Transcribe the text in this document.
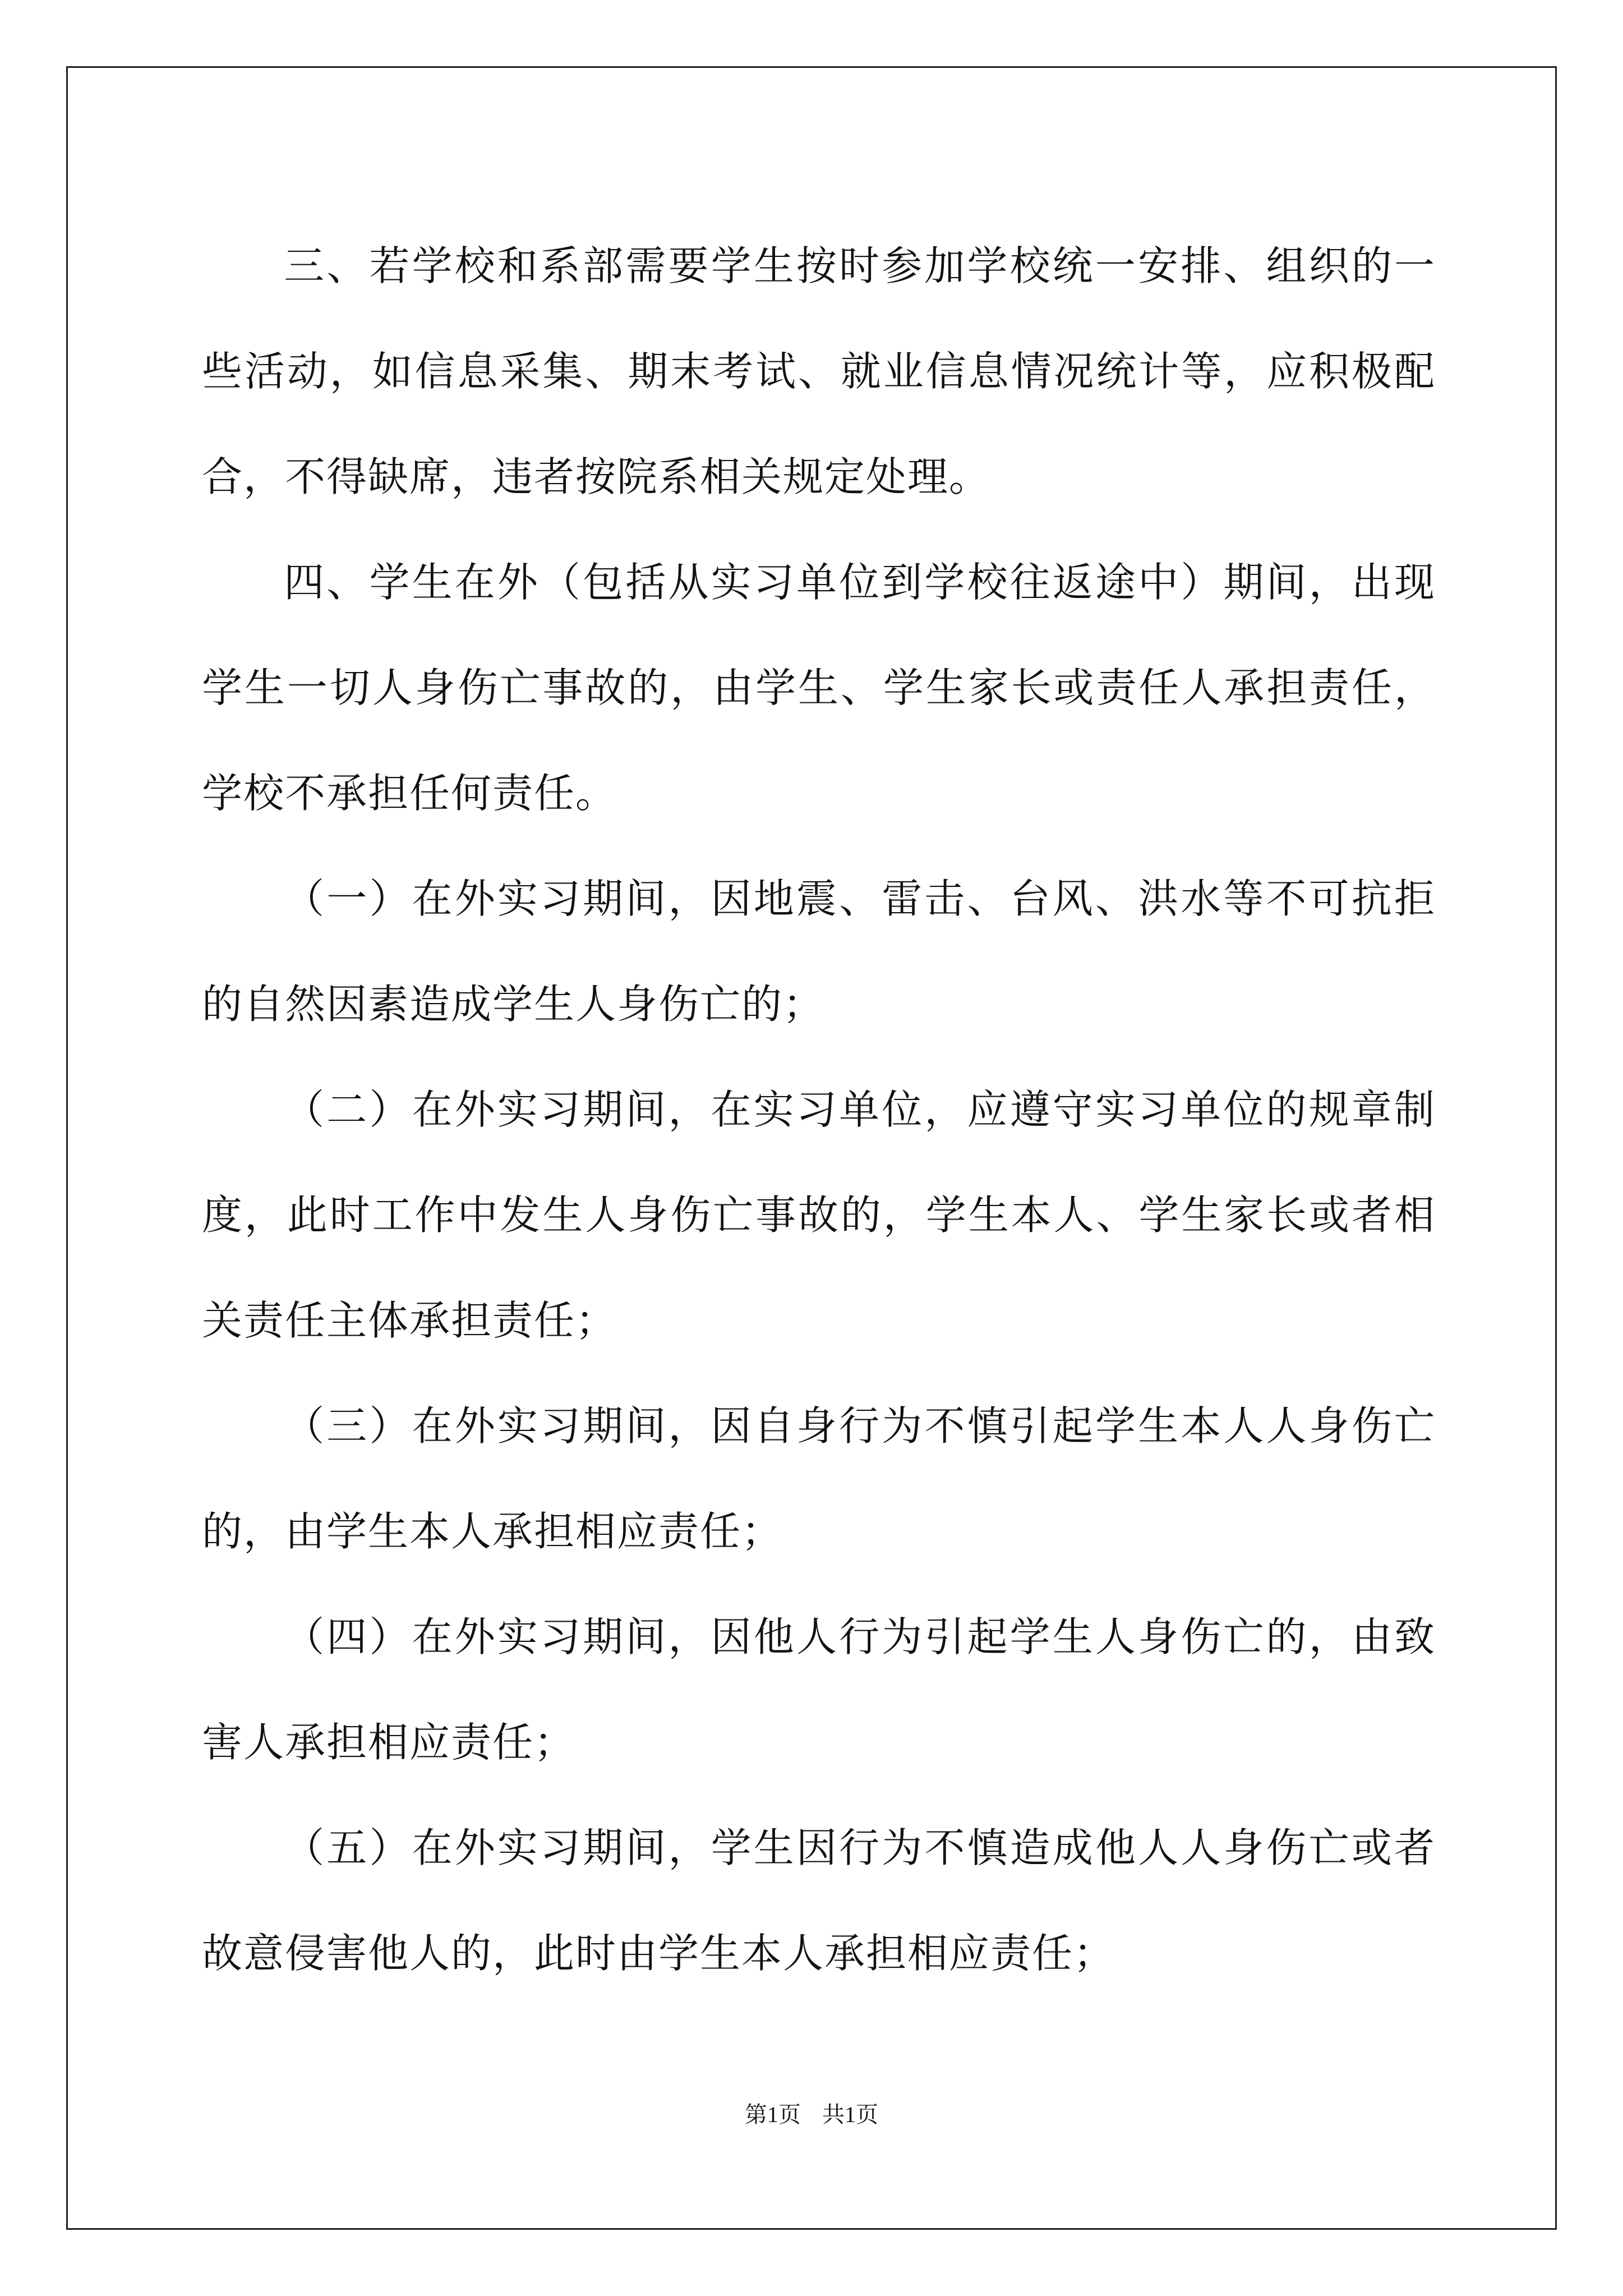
三、若学校和系部需要学生按时参加学校统一安排、组织的一些活动，如信息采集、期末考试、就业信息情况统计等，应积极配合，不得缺席，违者按院系相关规定处理。

四、学生在外（包括从实习单位到学校往返途中）期间，出现学生一切人身伤亡事故的，由学生、学生家长或责任人承担责任，学校不承担任何责任。

（一）在外实习期间，因地震、雷击、台风、洪水等不可抗拒的自然因素造成学生人身伤亡的；

（二）在外实习期间，在实习单位，应遵守实习单位的规章制度，此时工作中发生人身伤亡事故的，学生本人、学生家长或者相关责任主体承担责任；

（三）在外实习期间，因自身行为不慎引起学生本人人身伤亡的，由学生本人承担相应责任；

（四）在外实习期间，因他人行为引起学生人身伤亡的，由致害人承担相应责任；

（五）在外实习期间，学生因行为不慎造成他人人身伤亡或者故意侵害他人的，此时由学生本人承担相应责任；

第1页 共1页
